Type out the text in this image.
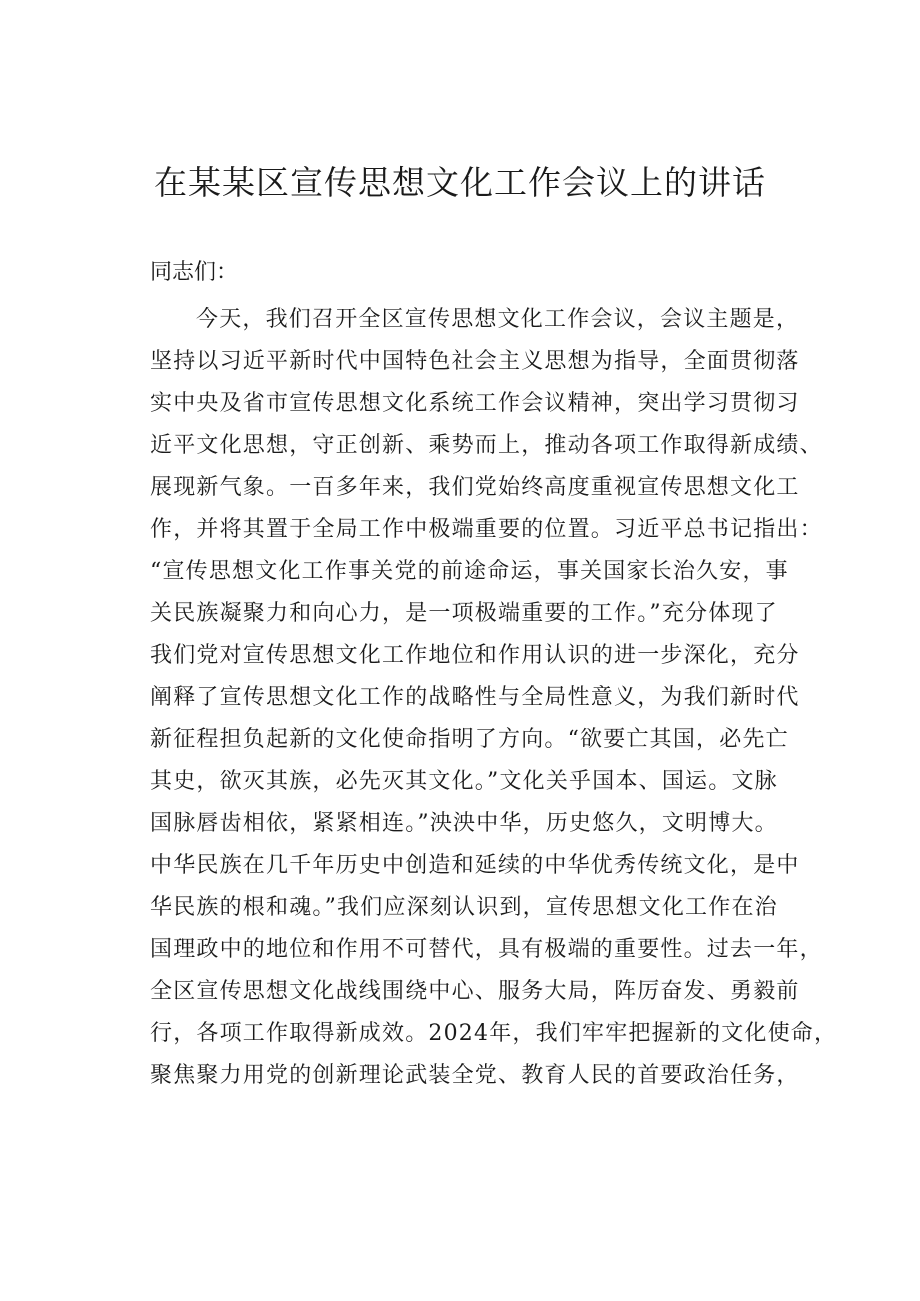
在某某区宣传思想文化工作会议上的讲话
同志们：
今天，我们召开全区宣传思想文化工作会议，会议主题是，
坚持以习近平新时代中国特色社会主义思想为指导，全面贯彻落
实中央及省市宣传思想文化系统工作会议精神，突出学习贯彻习
近平文化思想，守正创新、乘势而上，推动各项工作取得新成绩、
展现新气象。一百多年来，我们党始终高度重视宣传思想文化工
作，并将其置于全局工作中极端重要的位置。习近平总书记指出：
“宣传思想文化工作事关党的前途命运，事关国家长治久安，事
关民族凝聚力和向心力，是一项极端重要的工作。”充分体现了
我们党对宣传思想文化工作地位和作用认识的进一步深化，充分
阐释了宣传思想文化工作的战略性与全局性意义，为我们新时代
新征程担负起新的文化使命指明了方向。“欲要亡其国，必先亡
其史，欲灭其族，必先灭其文化。”文化关乎国本、国运。文脉
国脉唇齿相依，紧紧相连。”泱泱中华，历史悠久，文明博大。
中华民族在几千年历史中创造和延续的中华优秀传统文化，是中
华民族的根和魂。”我们应深刻认识到，宣传思想文化工作在治
国理政中的地位和作用不可替代，具有极端的重要性。过去一年，
全区宣传思想文化战线围绕中心、服务大局，阵厉奋发、勇毅前
行，各项工作取得新成效。2024年，我们牢牢把握新的文化使命，
聚焦聚力用党的创新理论武装全党、教育人民的首要政治任务，
